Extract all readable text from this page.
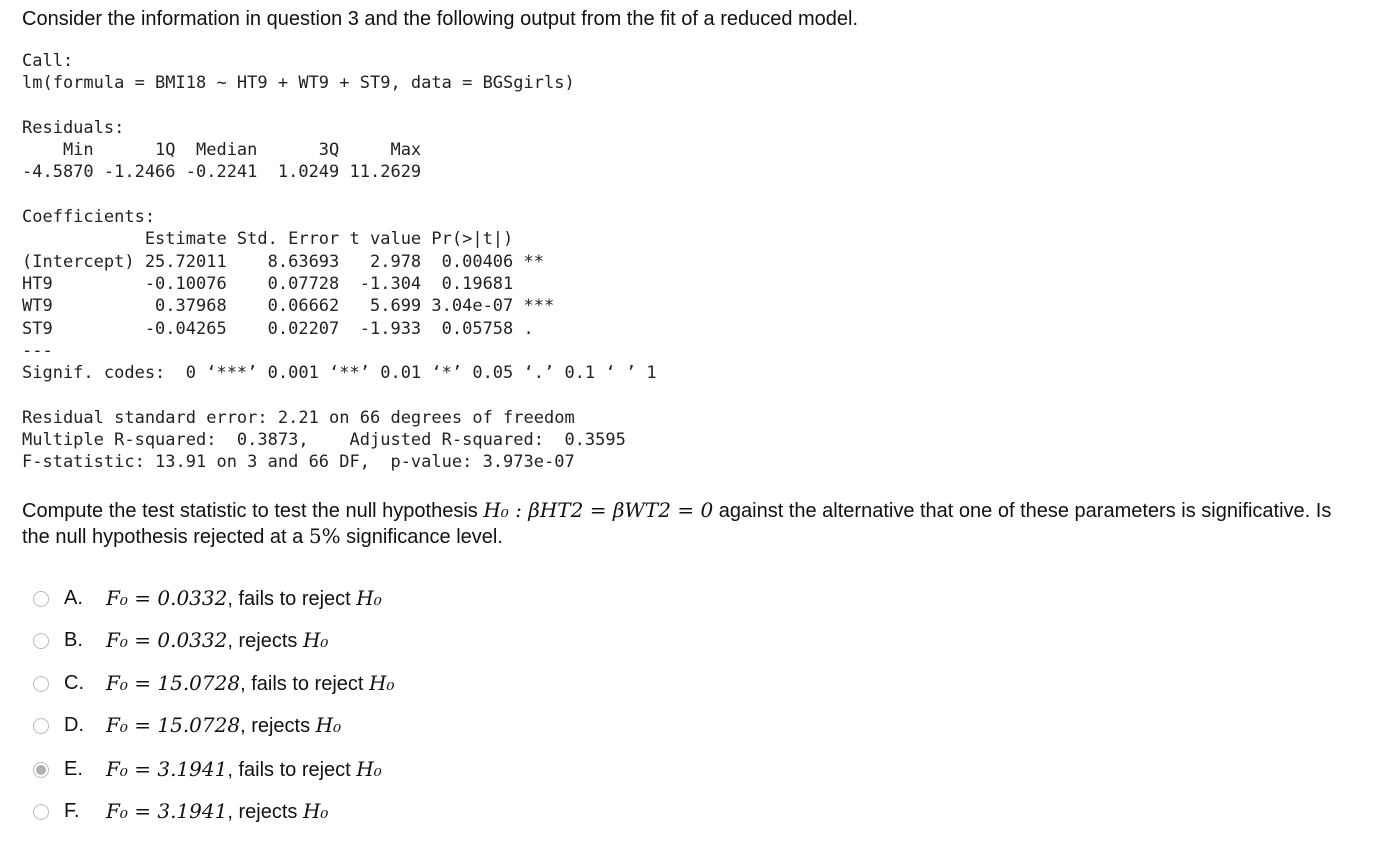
Consider the information in question 3 and the following output from the fit of a reduced model.
Call:
lm(formula = BMI18 ~ HT9 + WT9 + ST9, data = BGSgirls)

Residuals:
Min      1Q  Median      3Q     Max
-4.5870 -1.2466 -0.2241  1.0249 11.2629

Coefficients:
Estimate Std. Error t value Pr(>|t|)
(Intercept) 25.72011    8.63693   2.978  0.00406 **
HT9         -0.10076    0.07728  -1.304  0.19681
WT9          0.37968    0.06662   5.699 3.04e-07 ***
ST9         -0.04265    0.02207  -1.933  0.05758 .
---
Signif. codes:  0 ‘***’ 0.001 ‘**’ 0.01 ‘*’ 0.05 ‘.’ 0.1 ‘ ’ 1

Residual standard error: 2.21 on 66 degrees of freedom
Multiple R-squared:  0.3873,	Adjusted R-squared:  0.3595
F-statistic: 13.91 on 3 and 66 DF,  p-value: 3.973e-07
Compute the test statistic to test the null hypothesis H₀ : βHT2 = βWT2 = 0 against the alternative that one of these parameters is significative. Is the null hypothesis rejected at a 5% significance level.
A. F₀ = 0.0332, fails to reject H₀
B. F₀ = 0.0332, rejects H₀
C. F₀ = 15.0728, fails to reject H₀
D. F₀ = 15.0728, rejects H₀
E. F₀ = 3.1941, fails to reject H₀
F. F₀ = 3.1941, rejects H₀
